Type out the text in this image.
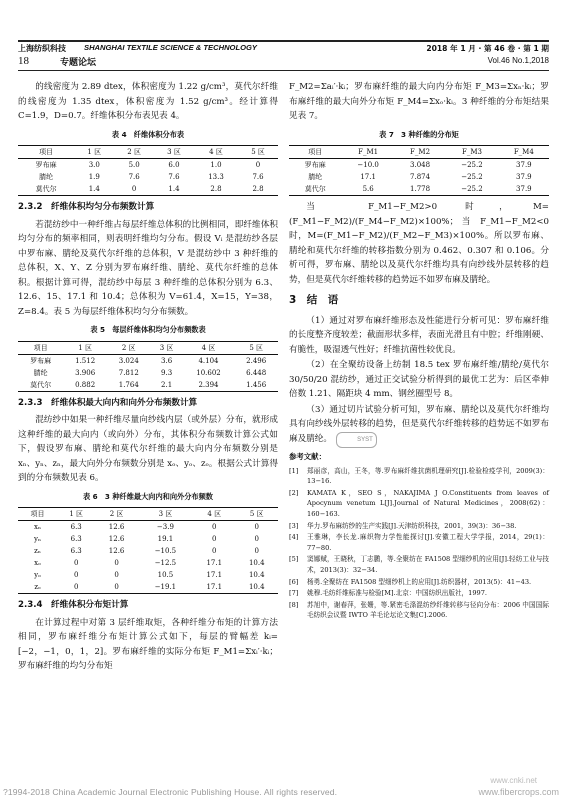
上海纺织科技 SHANGHAI TEXTILE SCIENCE & TECHNOLOGY	2018 年 1 月 · 第 46 卷 · 第 1 期
18	专题论坛	Vol.46 No.1,2018

的线密度为 2.89 dtex，体积密度为 1.22 g/cm³，莫代尔纤维的线密度为 1.35 dtex，体积密度为 1.52 g/cm³。经计算得 C=1.9，D=0.7。纤维体积分布表见表 4。

表 4　纤维体积分布表
项目	1 区	2 区	3 区	4 区	5 区
罗布麻	3.0	5.0	6.0	1.0	0
腈纶	1.9	7.6	7.6	13.3	7.6
莫代尔	1.4	0	1.4	2.8	2.8
2.3.2　纤维体积均匀分布频数计算

若混纺纱中一种纤维占每层纤维总体积的比例相同，即纤维体积均匀分布的频率相同，则表明纤维均匀分布。假设 Vᵢ 是混纺纱各层中罗布麻、腈纶及莫代尔纤维的总体积，V 是混纺纱中 3 种纤维的总体积，X、Y、Z 分别为罗布麻纤维、腈纶、莫代尔纤维的总体积。根据计算可得，混纺纱中每层 3 种纤维的总体积分别为 6.3、12.6、15、17.1 和 10.4；总体积为 V=61.4，X=15，Y=38，Z=8.4。表 5 为每层纤维体积均匀分布频数。

表 5　每层纤维体积均匀分布频数表
项目	1 区	2 区	3 区	4 区	5 区
罗布麻	1.512	3.024	3.6	4.104	2.496
腈纶	3.906	7.812	9.3	10.602	6.448
莫代尔	0.882	1.764	2.1	2.394	1.456
2.3.3　纤维体积最大向内和向外分布频数计算

混纺纱中如果一种纤维尽量向纱线内层（或外层）分布，就形成这种纤维的最大向内（或向外）分布，其体积分布频数计算公式如下，假设罗布麻、腈纶和莫代尔纤维的最大向内分布频数分别是 xₙ、yₙ、zₙ，最大向外分布频数分别是 xₒ、yₒ、zₒ。根据公式计算得到的分布频数见表 6。

表 6　3 种纤维最大向内和向外分布频数
项目	1 区	2 区	3 区	4 区	5 区
xₙ	6.3	12.6	−3.9	0	0
yₙ	6.3	12.6	19.1	0	0
zₙ	6.3	12.6	−10.5	0	0
xₒ	0	0	−12.5	17.1	10.4
yₒ	0	0	10.5	17.1	10.4
zₒ	0	0	−19.1	17.1	10.4
2.3.4　纤维体积分布矩计算

在计算过程中对第 3 层纤维取矩，各种纤维分布矩的计算方法相同，罗布麻纤维分布矩计算公式如下，每层的臂幅差 kᵢ=[−2，−1，0，1，2]。罗布麻纤维的实际分布矩 F_M1=Σxᵢ′·kᵢ；罗布麻纤维的均匀分布矩

F_M2=Σaᵢ′·kᵢ；罗布麻纤维的最大向内分布矩 F_M3=Σxₙ·kᵢ；罗布麻纤维的最大向外分布矩 F_M4=Σxₒ·kᵢ。3 种纤维的分布矩结果见表 7。

表 7　3 种纤维的分布矩
项目	F_M1	F_M2	F_M3	F_M4
罗布麻	−10.0	3.048	−25.2	37.9
腈纶	17.1	7.874	−25.2	37.9
莫代尔	5.6	1.778	−25.2	37.9

当 F_M1−F_M2>0 时，M=(F_M1−F_M2)/(F_M4−F_M2)×100%；当 F_M1−F_M2<0 时，M=(F_M1−F_M2)/(F_M2−F_M3)×100%。所以罗布麻、腈纶和莫代尔纤维的转移指数分别为 0.462、0.307 和 0.106。分析可得，罗布麻、腈纶以及莫代尔纤维均具有向纱线外层转移的趋势，但是莫代尔纤维转移的趋势远不如罗布麻及腈纶。

3　结　语

（1）通过对罗布麻纤维形态及性能进行分析可见：罗布麻纤维的长度整齐度较差；截面形状多样，表面光滑且有中腔；纤维刚硬、有脆性，吸湿透气性好；纤维抗菌性较优良。

（2）在全聚纺设备上纺制 18.5 tex 罗布麻纤维/腈纶/莫代尔 30/50/20 混纺纱，通过正交试验分析得到的最优工艺为：后区牵伸倍数 1.21、隔距块 4 mm、钢丝圈型号 8。

（3）通过切片试验分析可知，罗布麻、腈纶以及莫代尔纤维均具有向纱线外层转移的趋势，但是莫代尔纤维转移的趋势远不如罗布麻及腈纶。	SYST

参考文献：
[1]	郑丽彦，高山，王冬，等.罗布麻纤维抗菌机理研究[J].检验检疫学刊，2009(3)：13−16.
[2]	KAMATA K，SEO S，NAKAJIMA J O.Constituents from leaves of Apocynum venetum L[J].Journal of Natural Medicines，2008(62)：160−163.
[3]	华力.罗布麻纺纱的生产实践[J].天津纺织科技，2001，39(3)：36−38.
[4]	王雅琳，李长龙.麻织物力学性能探讨[J].安徽工程大学学报，2014，29(1)：77−80.
[5]	窦娜赋，王晓秋，丁志鹏，等.全聚纺在 FA1508 型细纱机的应用[J].轻纺工业与技术，2013(3)：32−34.
[6]	杨勇.全聚纺在 FA1508 型细纱机上的应用[J].纺织器材，2013(5)：41−43.
[7]	姚穆.毛纺纤维标准与检验[M].北京：中国纺织出版社，1997.
[8]	苏旭中，谢春萍，张姗，等.紧密毛涤混纺纱纤维转移与径向分布：2006 中国国际毛纺织会议暨 IWTO 羊毛论坛论文集[C].2006.
www.cnki.net
?1994-2018 China Academic Journal Electronic Publishing House. All rights reserved.	www.fibercrops.com
